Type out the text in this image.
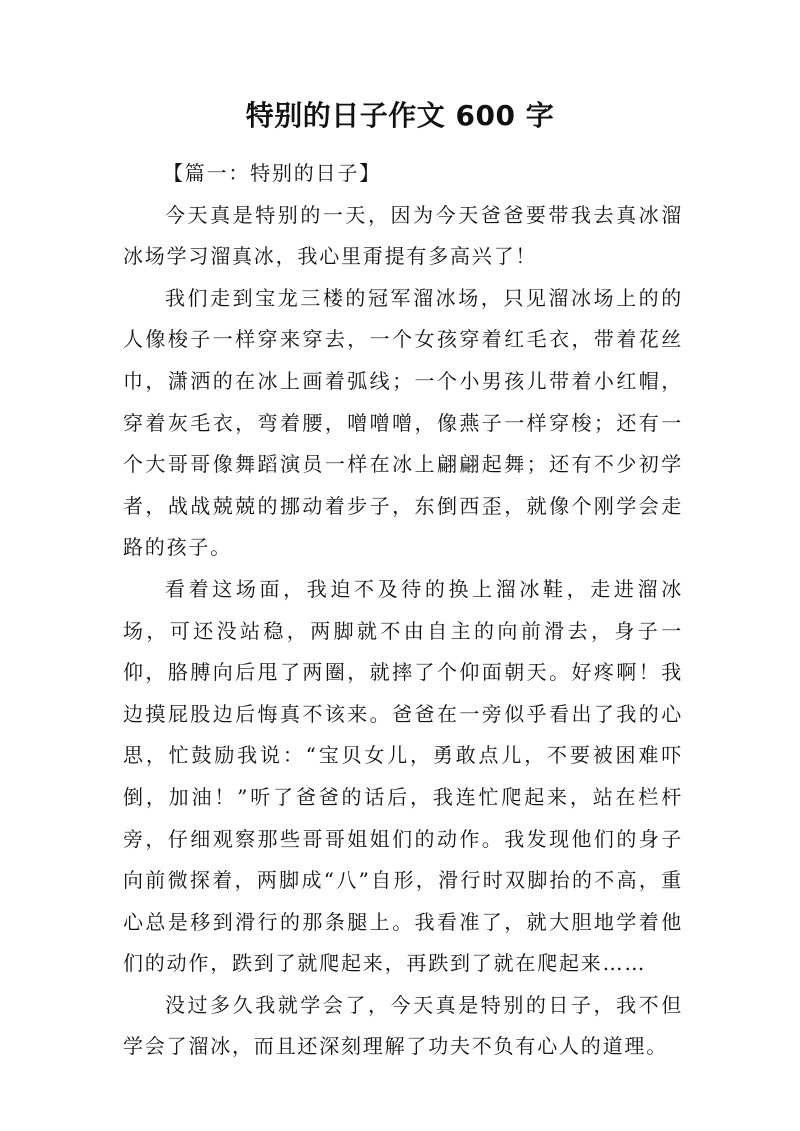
特别的日子作文 600 字

【篇一：特别的日子】

今天真是特别的一天，因为今天爸爸要带我去真冰溜冰场学习溜真冰，我心里甭提有多高兴了！

我们走到宝龙三楼的冠军溜冰场，只见溜冰场上的的人像梭子一样穿来穿去，一个女孩穿着红毛衣，带着花丝巾，潇洒的在冰上画着弧线；一个小男孩儿带着小红帽，穿着灰毛衣，弯着腰，噌噌噌，像燕子一样穿梭；还有一个大哥哥像舞蹈演员一样在冰上翩翩起舞；还有不少初学者，战战兢兢的挪动着步子，东倒西歪，就像个刚学会走路的孩子。

看着这场面，我迫不及待的换上溜冰鞋，走进溜冰场，可还没站稳，两脚就不由自主的向前滑去，身子一仰，胳膊向后甩了两圈，就摔了个仰面朝天。好疼啊！我边摸屁股边后悔真不该来。爸爸在一旁似乎看出了我的心思，忙鼓励我说：“宝贝女儿，勇敢点儿，不要被困难吓倒，加油！”听了爸爸的话后，我连忙爬起来，站在栏杆旁，仔细观察那些哥哥姐姐们的动作。我发现他们的身子向前微探着，两脚成“八”自形，滑行时双脚抬的不高，重心总是移到滑行的那条腿上。我看准了，就大胆地学着他们的动作，跌到了就爬起来，再跌到了就在爬起来……

没过多久我就学会了，今天真是特别的日子，我不但学会了溜冰，而且还深刻理解了功夫不负有心人的道理。
